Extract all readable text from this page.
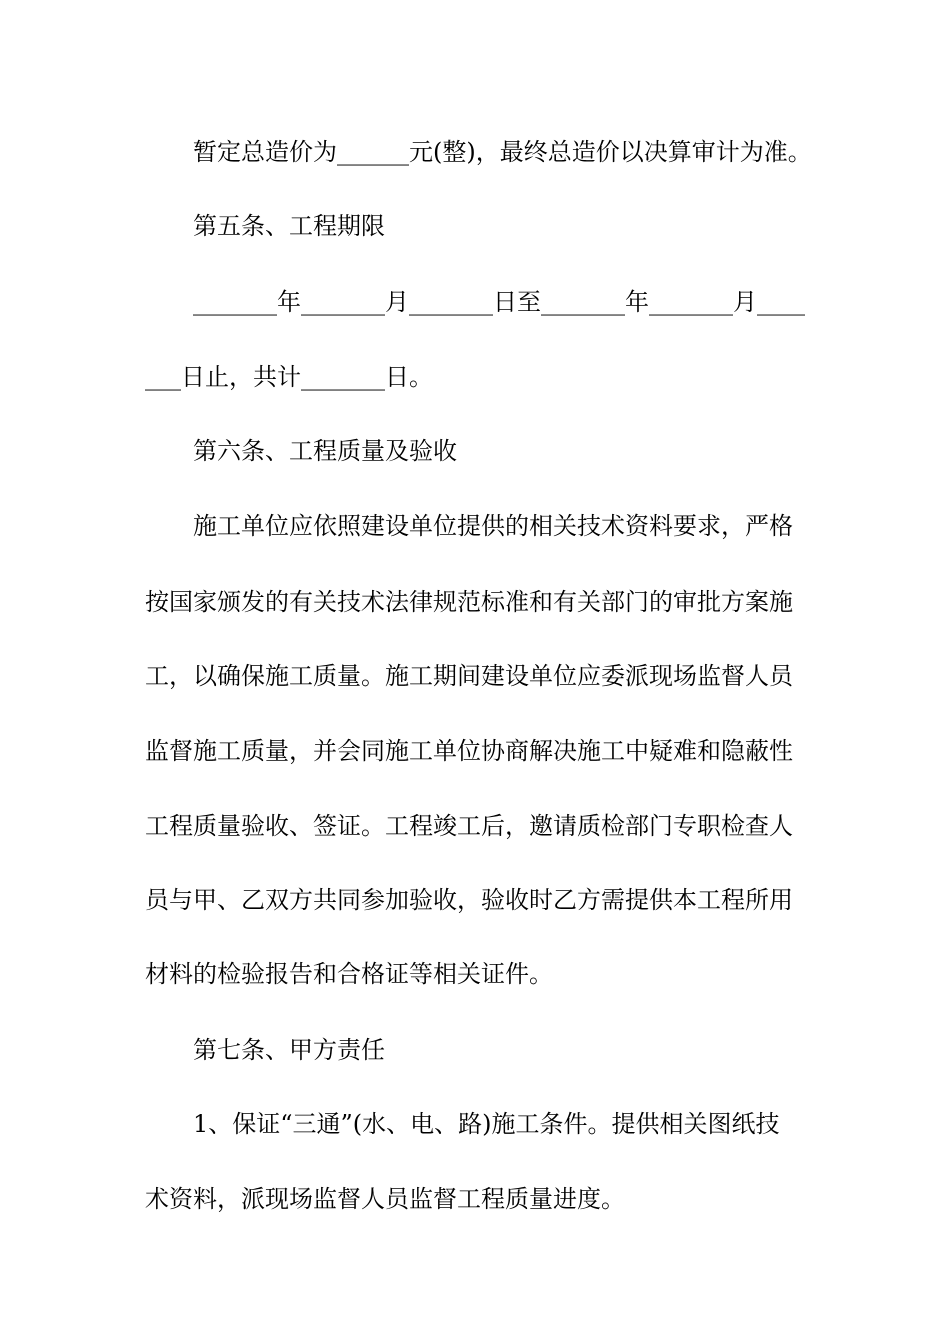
暂定总造价为______元(整)，最终总造价以决算审计为准。
第五条、工程期限
_______年_______月_______日至_______年_______月____
___日止，共计_______日。
第六条、工程质量及验收
施工单位应依照建设单位提供的相关技术资料要求，严格
按国家颁发的有关技术法律规范标准和有关部门的审批方案施
工，以确保施工质量。施工期间建设单位应委派现场监督人员
监督施工质量，并会同施工单位协商解决施工中疑难和隐蔽性
工程质量验收、签证。工程竣工后，邀请质检部门专职检查人
员与甲、乙双方共同参加验收，验收时乙方需提供本工程所用
材料的检验报告和合格证等相关证件。
第七条、甲方责任
1、保证“三通”(水、电、路)施工条件。提供相关图纸技
术资料，派现场监督人员监督工程质量进度。
